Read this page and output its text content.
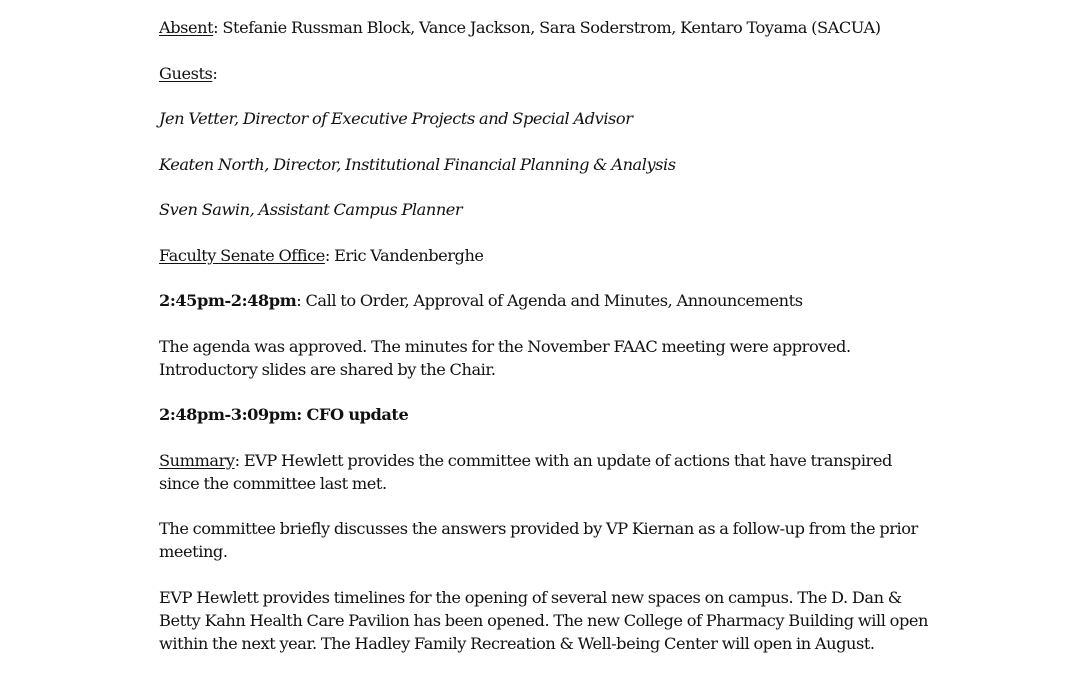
Absent: Stefanie Russman Block, Vance Jackson, Sara Soderstrom, Kentaro Toyama (SACUA)

Guests:

Jen Vetter, Director of Executive Projects and Special Advisor

Keaten North, Director, Institutional Financial Planning & Analysis

Sven Sawin, Assistant Campus Planner

Faculty Senate Office: Eric Vandenberghe

2:45pm-2:48pm: Call to Order, Approval of Agenda and Minutes, Announcements

The agenda was approved. The minutes for the November FAAC meeting were approved. Introductory slides are shared by the Chair.

2:48pm-3:09pm: CFO update

Summary: EVP Hewlett provides the committee with an update of actions that have transpired since the committee last met.

The committee briefly discusses the answers provided by VP Kiernan as a follow-up from the prior meeting.

EVP Hewlett provides timelines for the opening of several new spaces on campus. The D. Dan & Betty Kahn Health Care Pavilion has been opened. The new College of Pharmacy Building will open within the next year. The Hadley Family Recreation & Well-being Center will open in August.
